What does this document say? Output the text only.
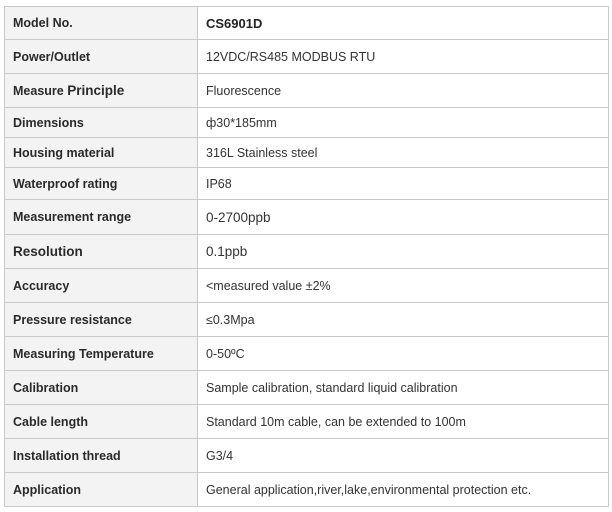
Model No.	CS6901D
Power/Outlet	12VDC/RS485 MODBUS RTU
Measure Principle	Fluorescence
Dimensions	ф30*185mm
Housing material	316L Stainless steel
Waterproof rating	IP68
Measurement range	0-2700ppb
Resolution	0.1ppb
Accuracy	<measured value ±2%
Pressure resistance	≤0.3Mpa
Measuring Temperature	0-50ºC
Calibration	Sample calibration, standard liquid calibration
Cable length	Standard 10m cable, can be extended to 100m
Installation thread	G3/4
Application	General application,river,lake,environmental protection etc.
